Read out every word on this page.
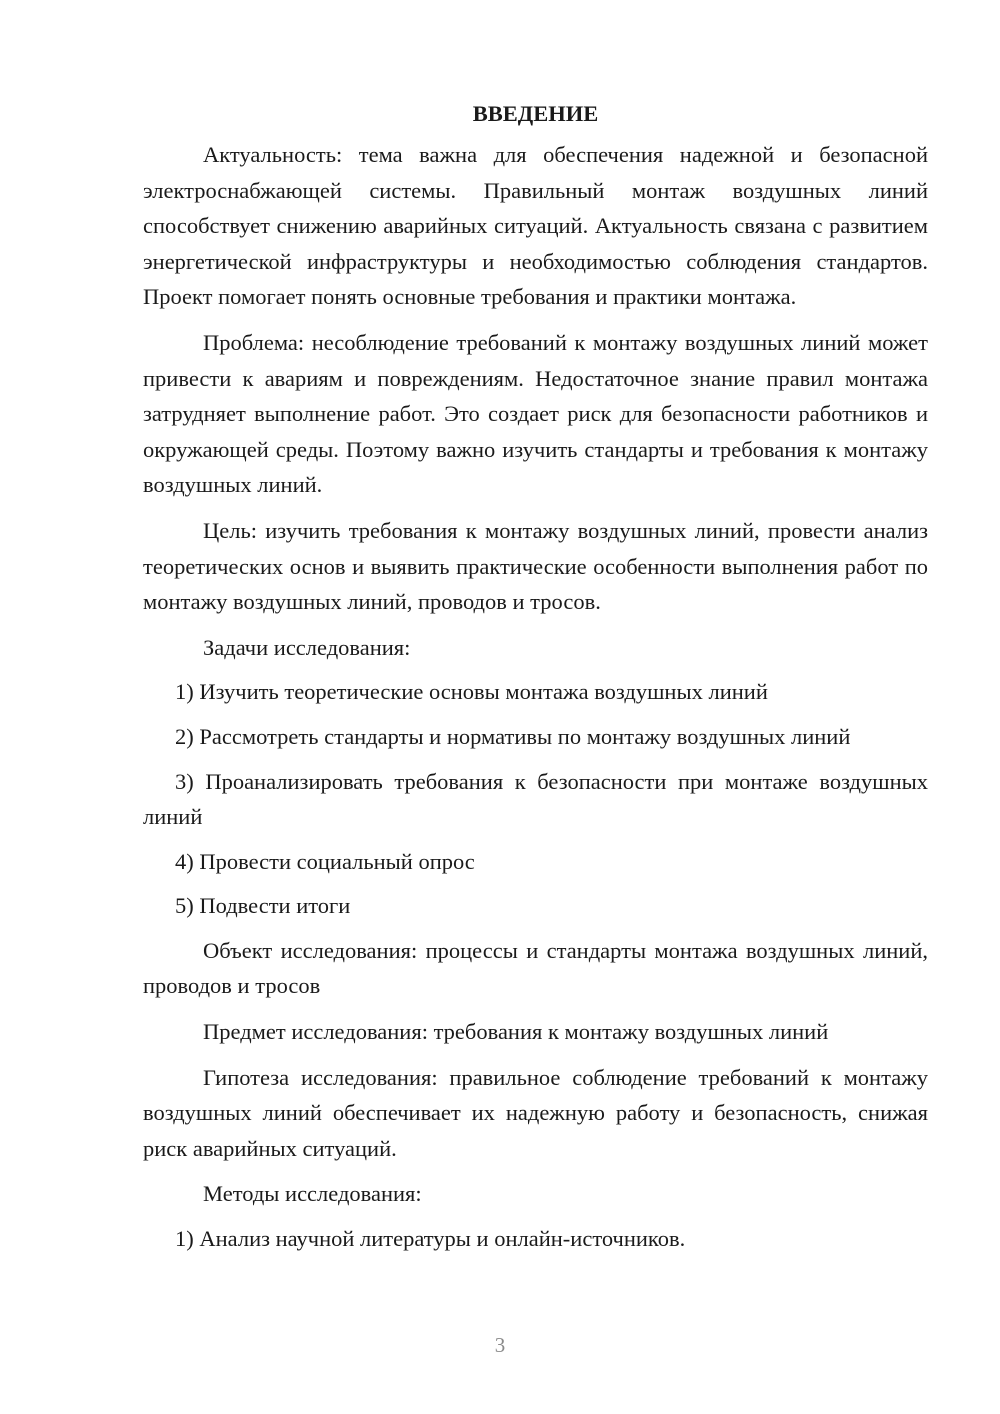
ВВЕДЕНИЕ

Актуальность: тема важна для обеспечения надежной и безопасной электроснабжающей системы. Правильный монтаж воздушных линий способствует снижению аварийных ситуаций. Актуальность связана с развитием энергетической инфраструктуры и необходимостью соблюдения стандартов. Проект помогает понять основные требования и практики монтажа.

Проблема: несоблюдение требований к монтажу воздушных линий может привести к авариям и повреждениям. Недостаточное знание правил монтажа затрудняет выполнение работ. Это создает риск для безопасности работников и окружающей среды. Поэтому важно изучить стандарты и требования к монтажу воздушных линий.

Цель: изучить требования к монтажу воздушных линий, провести анализ теоретических основ и выявить практические особенности выполнения работ по монтажу воздушных линий, проводов и тросов.

Задачи исследования:

1) Изучить теоретические основы монтажа воздушных линий

2) Рассмотреть стандарты и нормативы по монтажу воздушных линий

3) Проанализировать требования к безопасности при монтаже воздушных линий

4) Провести социальный опрос

5) Подвести итоги

Объект исследования: процессы и стандарты монтажа воздушных линий, проводов и тросов

Предмет исследования: требования к монтажу воздушных линий

Гипотеза исследования: правильное соблюдение требований к монтажу воздушных линий обеспечивает их надежную работу и безопасность, снижая риск аварийных ситуаций.

Методы исследования:

1) Анализ научной литературы и онлайн-источников.

3
